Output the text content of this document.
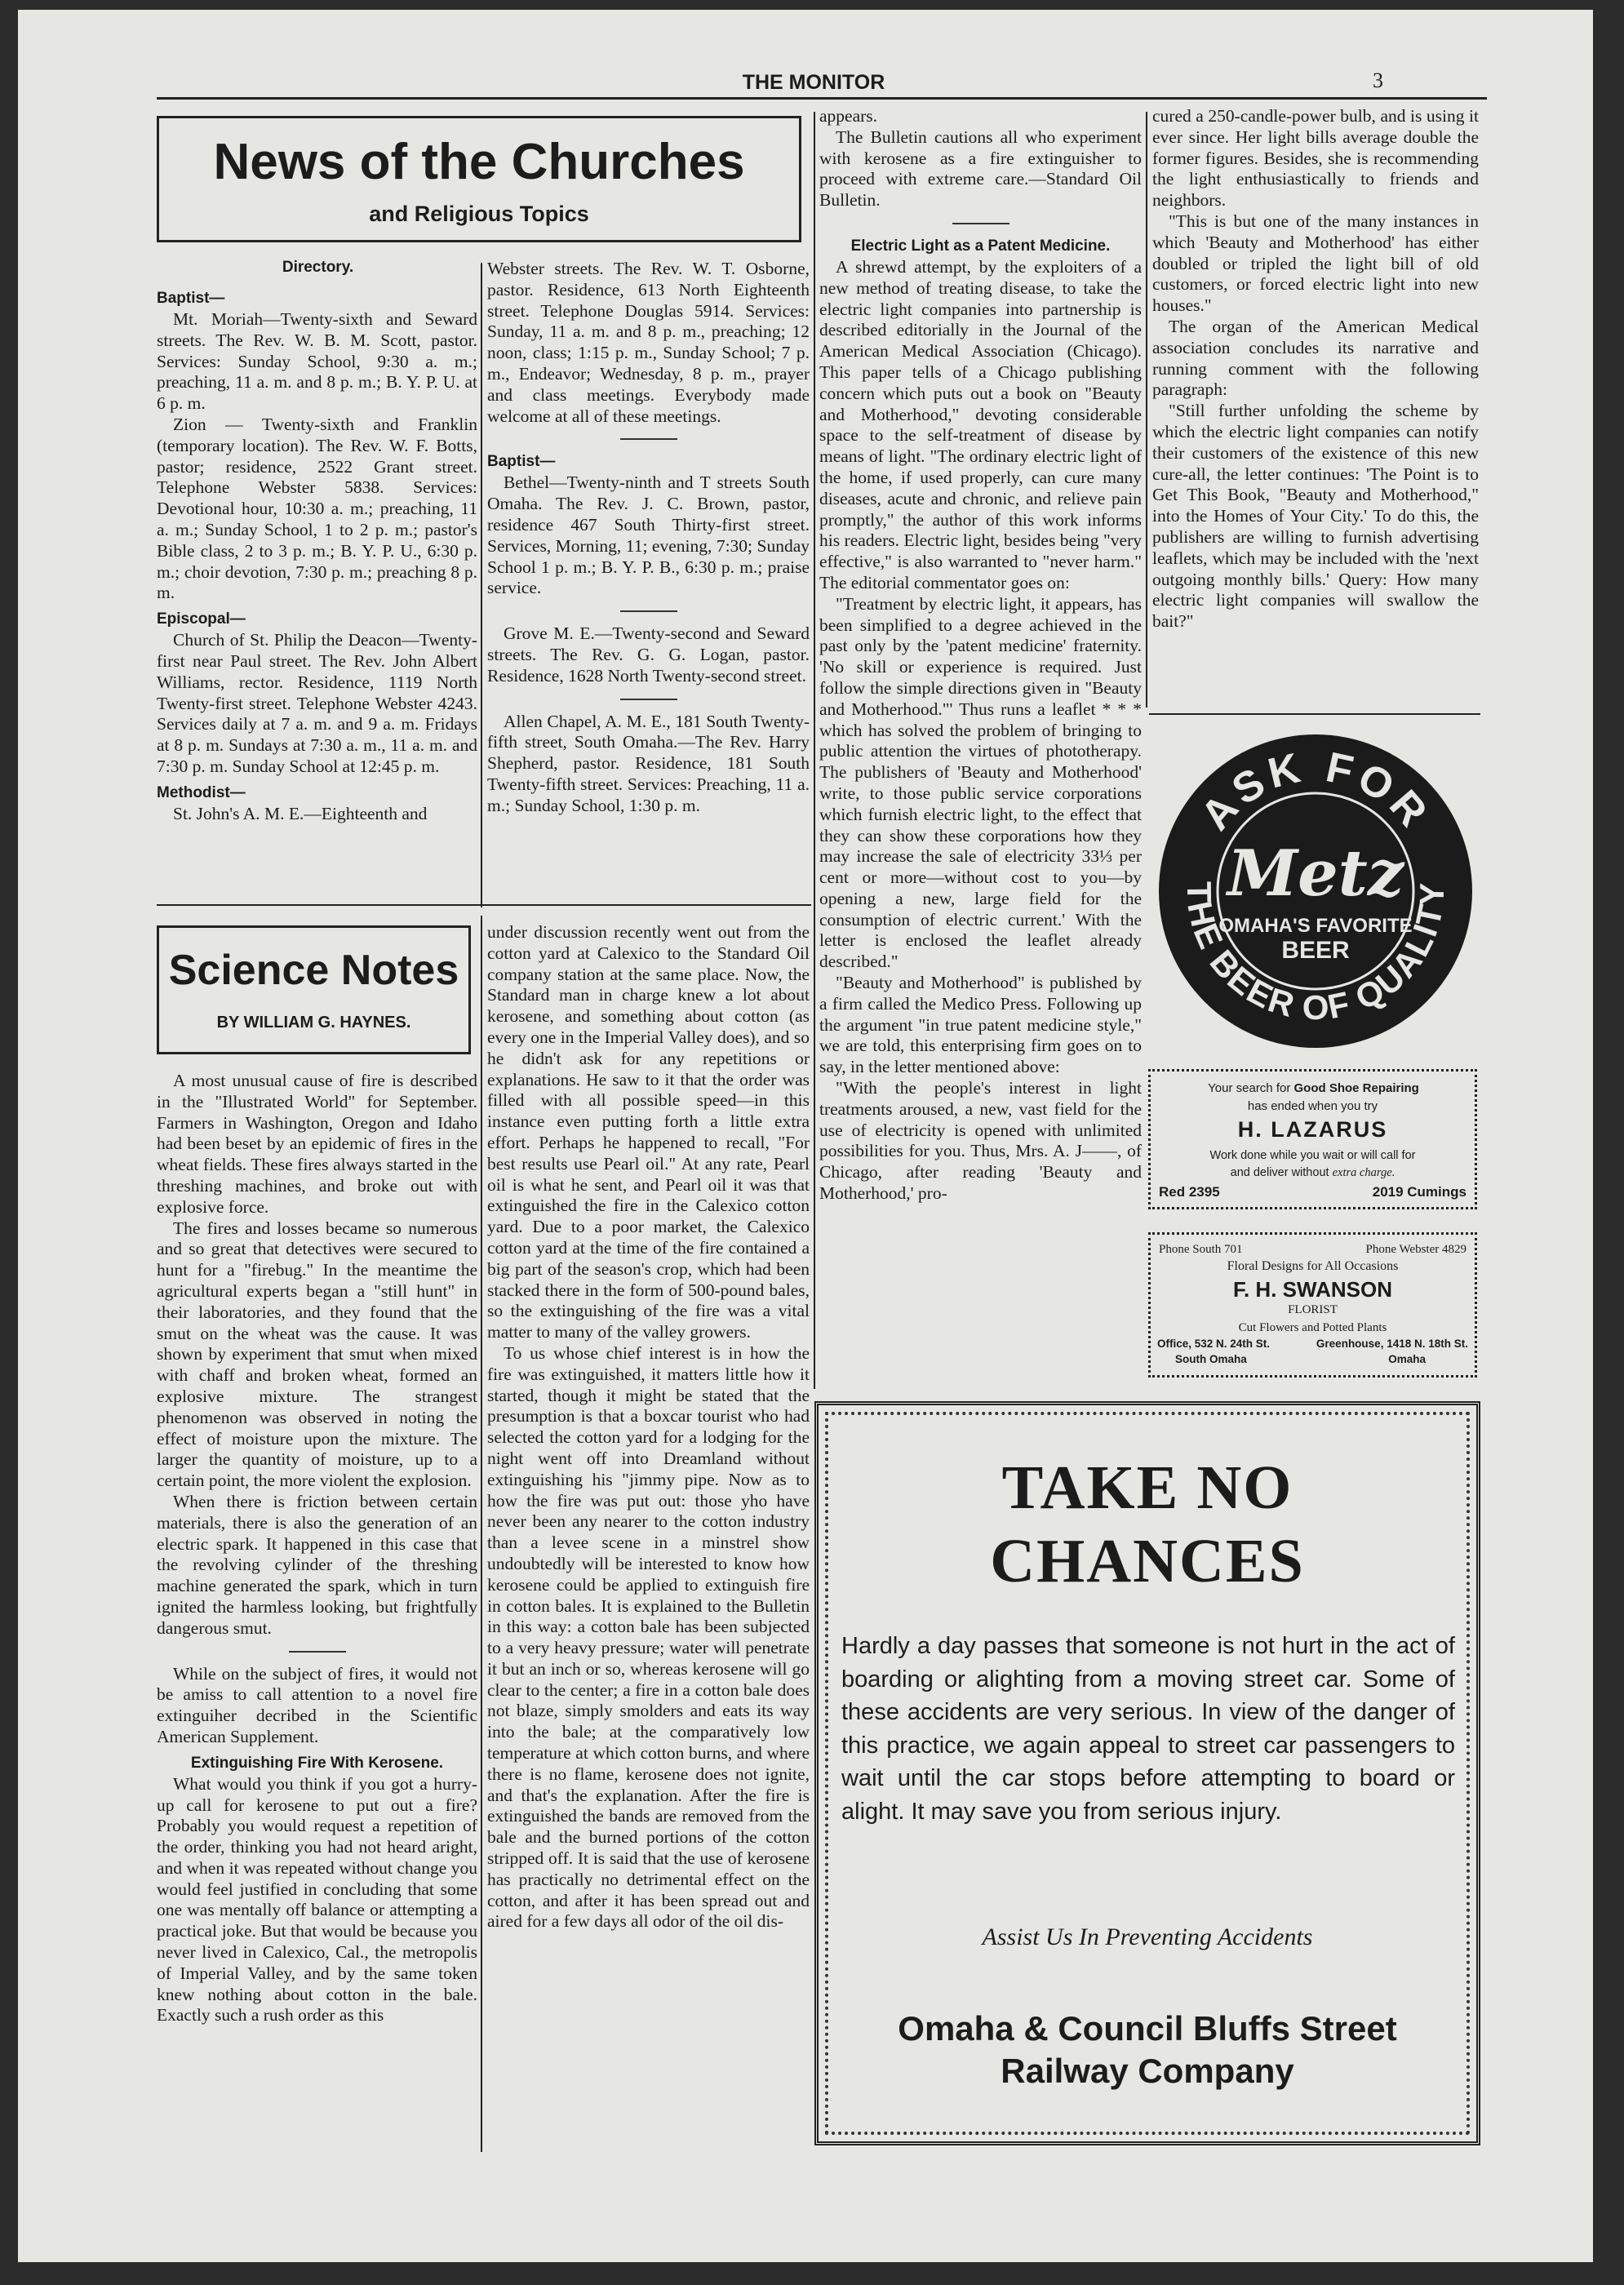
THE MONITOR	3
News of the Churches
and Religious Topics
Directory.

Baptist—

Mt. Moriah—Twenty-sixth and Seward streets. The Rev. W. B. M. Scott, pastor. Services: Sunday School, 9:30 a. m.; preaching, 11 a. m. and 8 p. m.; B. Y. P. U. at 6 p. m.

Zion — Twenty-sixth and Franklin (temporary location). The Rev. W. F. Botts, pastor; residence, 2522 Grant street. Telephone Webster 5838. Services: Devotional hour, 10:30 a. m.; preaching, 11 a. m.; Sunday School, 1 to 2 p. m.; pastor's Bible class, 2 to 3 p. m.; B. Y. P. U., 6:30 p. m.; choir devotion, 7:30 p. m.; preaching 8 p. m.

Episcopal—

Church of St. Philip the Deacon—Twenty-first near Paul street. The Rev. John Albert Williams, rector. Residence, 1119 North Twenty-first street. Telephone Webster 4243. Services daily at 7 a. m. and 9 a. m. Fridays at 8 p. m. Sundays at 7:30 a. m., 11 a. m. and 7:30 p. m. Sunday School at 12:45 p. m.

Methodist—

St. John's A. M. E.—Eighteenth and

Webster streets. The Rev. W. T. Osborne, pastor. Residence, 613 North Eighteenth street. Telephone Douglas 5914. Services: Sunday, 11 a. m. and 8 p. m., preaching; 12 noon, class; 1:15 p. m., Sunday School; 7 p. m., Endeavor; Wednesday, 8 p. m., prayer and class meetings. Everybody made welcome at all of these meetings.

Baptist—

Bethel—Twenty-ninth and T streets South Omaha. The Rev. J. C. Brown, pastor, residence 467 South Thirty-first street. Services, Morning, 11; evening, 7:30; Sunday School 1 p. m.; B. Y. P. B., 6:30 p. m.; praise service.

Grove M. E.—Twenty-second and Seward streets. The Rev. G. G. Logan, pastor. Residence, 1628 North Twenty-second street.

Allen Chapel, A. M. E., 181 South Twenty-fifth street, South Omaha.—The Rev. Harry Shepherd, pastor. Residence, 181 South Twenty-fifth street. Services: Preaching, 11 a. m.; Sunday School, 1:30 p. m.

Science Notes
BY WILLIAM G. HAYNES.

A most unusual cause of fire is described in the "Illustrated World" for September. Farmers in Washington, Oregon and Idaho had been beset by an epidemic of fires in the wheat fields. These fires always started in the threshing machines, and broke out with explosive force.

The fires and losses became so numerous and so great that detectives were secured to hunt for a "firebug." In the meantime the agricultural experts began a "still hunt" in their laboratories, and they found that the smut on the wheat was the cause. It was shown by experiment that smut when mixed with chaff and broken wheat, formed an explosive mixture. The strangest phenomenon was observed in noting the effect of moisture upon the mixture. The larger the quantity of moisture, up to a certain point, the more violent the explosion.

When there is friction between certain materials, there is also the generation of an electric spark. It happened in this case that the revolving cylinder of the threshing machine generated the spark, which in turn ignited the harmless looking, but frightfully dangerous smut.

While on the subject of fires, it would not be amiss to call attention to a novel fire extinguiher decribed in the Scientific American Supplement.

Extinguishing Fire With Kerosene.

What would you think if you got a hurry-up call for kerosene to put out a fire? Probably you would request a repetition of the order, thinking you had not heard aright, and when it was repeated without change you would feel justified in concluding that some one was mentally off balance or attempting a practical joke. But that would be because you never lived in Calexico, Cal., the metropolis of Imperial Valley, and by the same token knew nothing about cotton in the bale. Exactly such a rush order as this

under discussion recently went out from the cotton yard at Calexico to the Standard Oil company station at the same place. Now, the Standard man in charge knew a lot about kerosene, and something about cotton (as every one in the Imperial Valley does), and so he didn't ask for any repetitions or explanations. He saw to it that the order was filled with all possible speed—in this instance even putting forth a little extra effort. Perhaps he happened to recall, "For best results use Pearl oil." At any rate, Pearl oil is what he sent, and Pearl oil it was that extinguished the fire in the Calexico cotton yard. Due to a poor market, the Calexico cotton yard at the time of the fire contained a big part of the season's crop, which had been stacked there in the form of 500-pound bales, so the extinguishing of the fire was a vital matter to many of the valley growers.

To us whose chief interest is in how the fire was extinguished, it matters little how it started, though it might be stated that the presumption is that a boxcar tourist who had selected the cotton yard for a lodging for the night went off into Dreamland without extinguishing his "jimmy pipe. Now as to how the fire was put out: those yho have never been any nearer to the cotton industry than a levee scene in a minstrel show undoubtedly will be interested to know how kerosene could be applied to extinguish fire in cotton bales. It is explained to the Bulletin in this way: a cotton bale has been subjected to a very heavy pressure; water will penetrate it but an inch or so, whereas kerosene will go clear to the center; a fire in a cotton bale does not blaze, simply smolders and eats its way into the bale; at the comparatively low temperature at which cotton burns, and where there is no flame, kerosene does not ignite, and that's the explanation. After the fire is extinguished the bands are removed from the bale and the burned portions of the cotton stripped off. It is said that the use of kerosene has practically no detrimental effect on the cotton, and after it has been spread out and aired for a few days all odor of the oil dis-

appears.

The Bulletin cautions all who experiment with kerosene as a fire extinguisher to proceed with extreme care.—Standard Oil Bulletin.

Electric Light as a Patent Medicine.

A shrewd attempt, by the exploiters of a new method of treating disease, to take the electric light companies into partnership is described editorially in the Journal of the American Medical Association (Chicago). This paper tells of a Chicago publishing concern which puts out a book on "Beauty and Motherhood," devoting considerable space to the self-treatment of disease by means of light. "The ordinary electric light of the home, if used properly, can cure many diseases, acute and chronic, and relieve pain promptly," the author of this work informs his readers. Electric light, besides being "very effective," is also warranted to "never harm." The editorial commentator goes on:

"Treatment by electric light, it appears, has been simplified to a degree achieved in the past only by the 'patent medicine' fraternity. 'No skill or experience is required. Just follow the simple directions given in "Beauty and Motherhood."' Thus runs a leaflet * * * which has solved the problem of bringing to public attention the virtues of phototherapy. The publishers of 'Beauty and Motherhood' write, to those public service corporations which furnish electric light, to the effect that they can show these corporations how they may increase the sale of electricity 33⅓ per cent or more—without cost to you—by opening a new, large field for the consumption of electric current.' With the letter is enclosed the leaflet already described."

"Beauty and Motherhood" is published by a firm called the Medico Press. Following up the argument "in true patent medicine style," we are told, this enterprising firm goes on to say, in the letter mentioned above:

"With the people's interest in light treatments aroused, a new, vast field for the use of electricity is opened with unlimited possibilities for you. Thus, Mrs. A. J——, of Chicago, after reading 'Beauty and Motherhood,' pro-

cured a 250-candle-power bulb, and is using it ever since. Her light bills average double the former figures. Besides, she is recommending the light enthusiastically to friends and neighbors.

"This is but one of the many instances in which 'Beauty and Motherhood' has either doubled or tripled the light bill of old customers, or forced electric light into new houses."

The organ of the American Medical association concludes its narrative and running comment with the following paragraph:

"Still further unfolding the scheme by which the electric light companies can notify their customers of the existence of this new cure-all, the letter continues: 'The Point is to Get This Book, "Beauty and Motherhood," into the Homes of Your City.' To do this, the publishers are willing to furnish advertising leaflets, which may be included with the 'next outgoing monthly bills.' Query: How many electric light companies will swallow the bait?"

ASK FOR
THE BEER OF QUALITY
Metz
OMAHA'S FAVORITE
BEER
Your search for Good Shoe Repairing
has ended when you try
H. LAZARUS
Work done while you wait or will call for
and deliver without extra charge.
Red 2395	2019 Cumings
Phone South 701	Phone Webster 4829
Floral Designs for All Occasions
F. H. SWANSON
FLORIST
Cut Flowers and Potted Plants
Office, 532 N. 24th St.	Greenhouse, 1418 N. 18th St.
South Omaha	Omaha
TAKE NO
CHANCES
Hardly a day passes that someone is not hurt in the act of boarding or alighting from a moving street car. Some of these accidents are very serious. In view of the danger of this practice, we again appeal to street car passengers to wait until the car stops before attempting to board or alight. It may save you from serious injury.
Assist Us In Preventing Accidents
Omaha & Council Bluffs Street
Railway Company
